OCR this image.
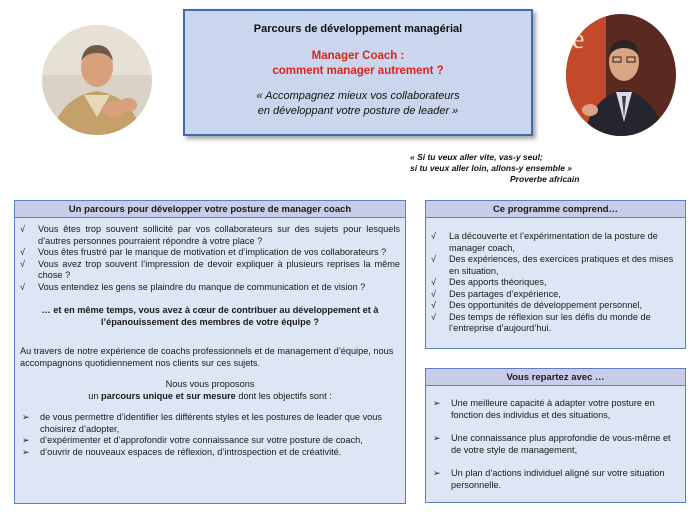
Parcours de développement managérial
Manager Coach :
comment manager autrement ?
« Accompagnez mieux vos collaborateurs
en développant votre posture de leader »
e
« Si tu veux aller vite, vas-y seul;
si tu veux aller loin, allons-y ensemble »
Proverbe africain
Un parcours pour développer votre posture de manager coach
√ Vous êtes trop souvent sollicité par vos collaborateurs sur des sujets pour lesquels d’autres personnes pourraient répondre à votre place ?
√ Vous êtes frustré par le manque de motivation et d’implication de vos collaborateurs ?
√ Vous avez trop souvent l’impression de devoir expliquer à plusieurs reprises la même chose ?
√ Vous entendez les gens se plaindre du manque de communication et de vision ?
… et en même temps, vous avez à cœur de contribuer au développement et à
l’épanouissement des membres de votre équipe ?
Au travers de notre expérience de coachs professionnels et de management d’équipe, nous accompagnons quotidiennement nos clients sur ces sujets.
Nous vous proposons
un parcours unique et sur mesure dont les objectifs sont :
➢ de vous permettre d’identifier les différents styles et les postures de leader que vous choisirez d’adopter,
➢ d’expérimenter et d’approfondir votre connaissance sur votre posture de coach,
➢ d’ouvrir de nouveaux espaces de réflexion, d’introspection et de créativité.
Ce programme comprend…
√ La découverte et l’expérimentation de la posture de manager coach,
√ Des expériences, des exercices pratiques et des mises en situation,
√ Des apports théoriques,
√ Des partages d’expérience,
√ Des opportunités de développement personnel,
√ Des temps de réflexion sur les défis du monde de l’entreprise d’aujourd’hui.
Vous repartez avec …
➢ Une meilleure capacité à adapter votre posture en fonction des individus et des situations,
➢ Une connaissance plus approfondie de vous-même et de votre style de management,
➢ Un plan d’actions individuel aligné sur votre situation personnelle.
